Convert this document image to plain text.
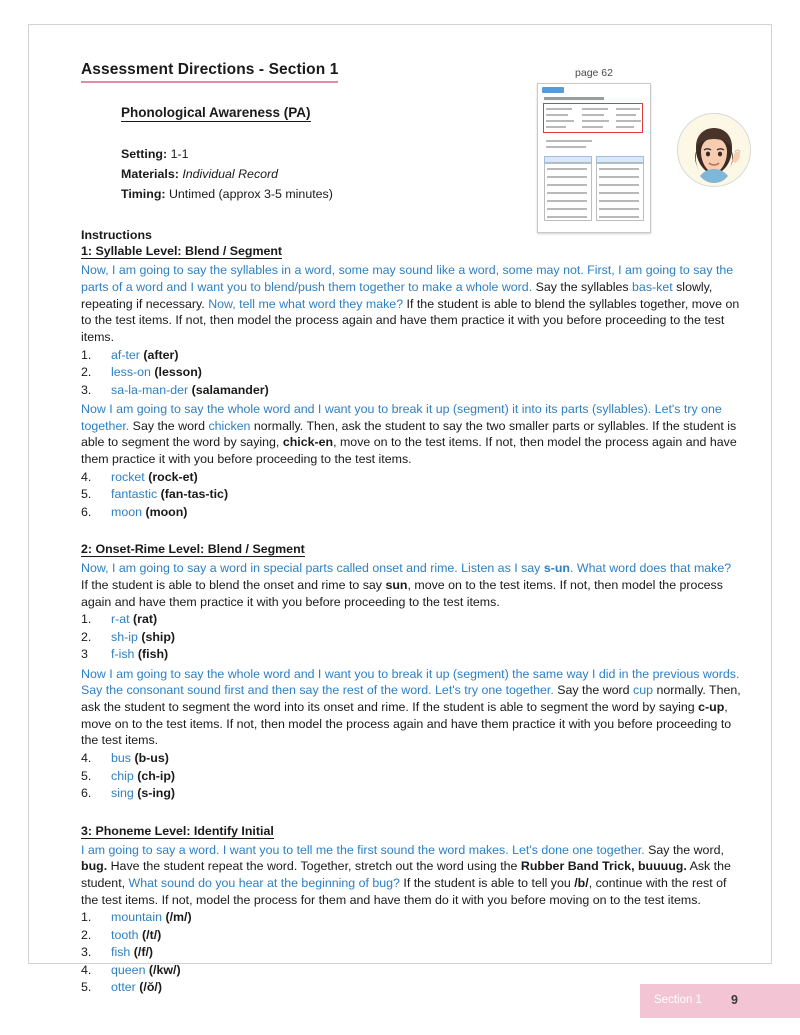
Assessment Directions - Section 1
Phonological Awareness (PA)
Setting: 1-1
Materials: Individual Record
Timing: Untimed (approx 3-5 minutes)
Instructions
1: Syllable Level: Blend / Segment
Now, I am going to say the syllables in a word, some may sound like a word, some may not. First, I am going to say the parts of a word and I want you to blend/push them together to make a whole word. Say the syllables bas-ket slowly, repeating if necessary. Now, tell me what word they make? If the student is able to blend the syllables together, move on to the test items. If not, then model the process again and have them practice it with you before proceeding to the test items.
1.	af-ter (after)
2.	less-on (lesson)
3.	sa-la-man-der (salamander)
Now I am going to say the whole word and I want you to break it up (segment) it into its parts (syllables). Let's try one together. Say the word chicken normally. Then, ask the student to say the two smaller parts or syllables. If the student is able to segment the word by saying, chick-en, move on to the test items. If not, then model the process again and have them practice it with you before proceeding to the test items.
4.	rocket (rock-et)
5.	fantastic (fan-tas-tic)
6.	moon (moon)
2: Onset-Rime Level: Blend / Segment
Now, I am going to say a word in special parts called onset and rime. Listen as I say s-un. What word does that make? If the student is able to blend the onset and rime to say sun, move on to the test items. If not, then model the process again and have them practice it with you before proceeding to the test items.
1.	r-at (rat)
2.	sh-ip (ship)
3	f-ish (fish)
Now I am going to say the whole word and I want you to break it up (segment) the same way I did in the previous words. Say the consonant sound first and then say the rest of the word. Let's try one together. Say the word cup normally. Then, ask the student to segment the word into its onset and rime. If the student is able to segment the word by saying c-up, move on to the test items. If not, then model the process again and have them practice it with you before proceeding to the test items.
4.	bus (b-us)
5.	chip (ch-ip)
6.	sing (s-ing)
3: Phoneme Level: Identify Initial
I am going to say a word. I want you to tell me the first sound the word makes. Let's done one together. Say the word, bug. Have the student repeat the word. Together, stretch out the word using the Rubber Band Trick, buuuug. Ask the student, What sound do you hear at the beginning of bug? If the student is able to tell you /b/, continue with the rest of the test items. If not, model the process for them and have them do it with you before moving on to the test items.
1.	mountain (/m/)
2.	tooth (/t/)
3.	fish (/f/)
4.	queen (/kw/)
5.	otter (/ŏ/)
page 62
Section 1 9
